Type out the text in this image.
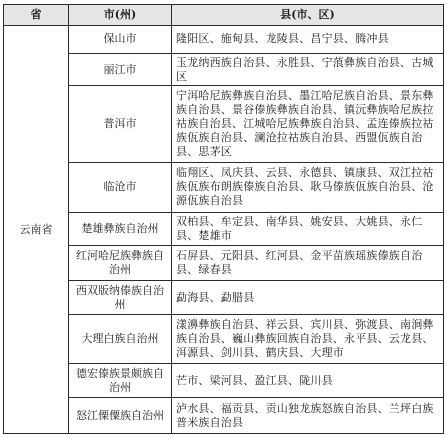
省	市(州)	县(市、区)
云南省	保山市	隆阳区、施甸县、龙陵县、昌宁县、腾冲县
	丽江市	玉龙纳西族自治县、永胜县、宁蒗彝族自治县、古城区
	普洱市	宁洱哈尼族彝族自治县、墨江哈尼族自治县、景东彝族自治县、景谷傣族彝族自治县、镇沅彝族哈尼族拉祜族自治县、江城哈尼族彝族自治县、孟连傣族拉祜族佤族自治县、澜沧拉祜族自治县、西盟佤族自治县、思茅区
	临沧市	临翔区、凤庆县、云县、永德县、镇康县、双江拉祜族佤族布朗族傣族自治县、耿马傣族佤族自治县、沧源佤族自治县
	楚雄彝族自治州	双柏县、牟定县、南华县、姚安县、大姚县、永仁县、楚雄市
	红河哈尼族彝族自治州	石屏县、元阳县、红河县、金平苗族瑶族傣族自治县、绿春县
	西双版纳傣族自治州	勐海县、勐腊县
	大理白族自治州	漾濞彝族自治县、祥云县、宾川县、弥渡县、南涧彝族自治县、巍山彝族回族自治县、永平县、云龙县、洱源县、剑川县、鹤庆县、大理市
	德宏傣族景颇族自治州	芒市、梁河县、盈江县、陇川县
	怒江傈僳族自治州	泸水县、福贡县、贡山独龙族怒族自治县、兰坪白族普米族自治县
